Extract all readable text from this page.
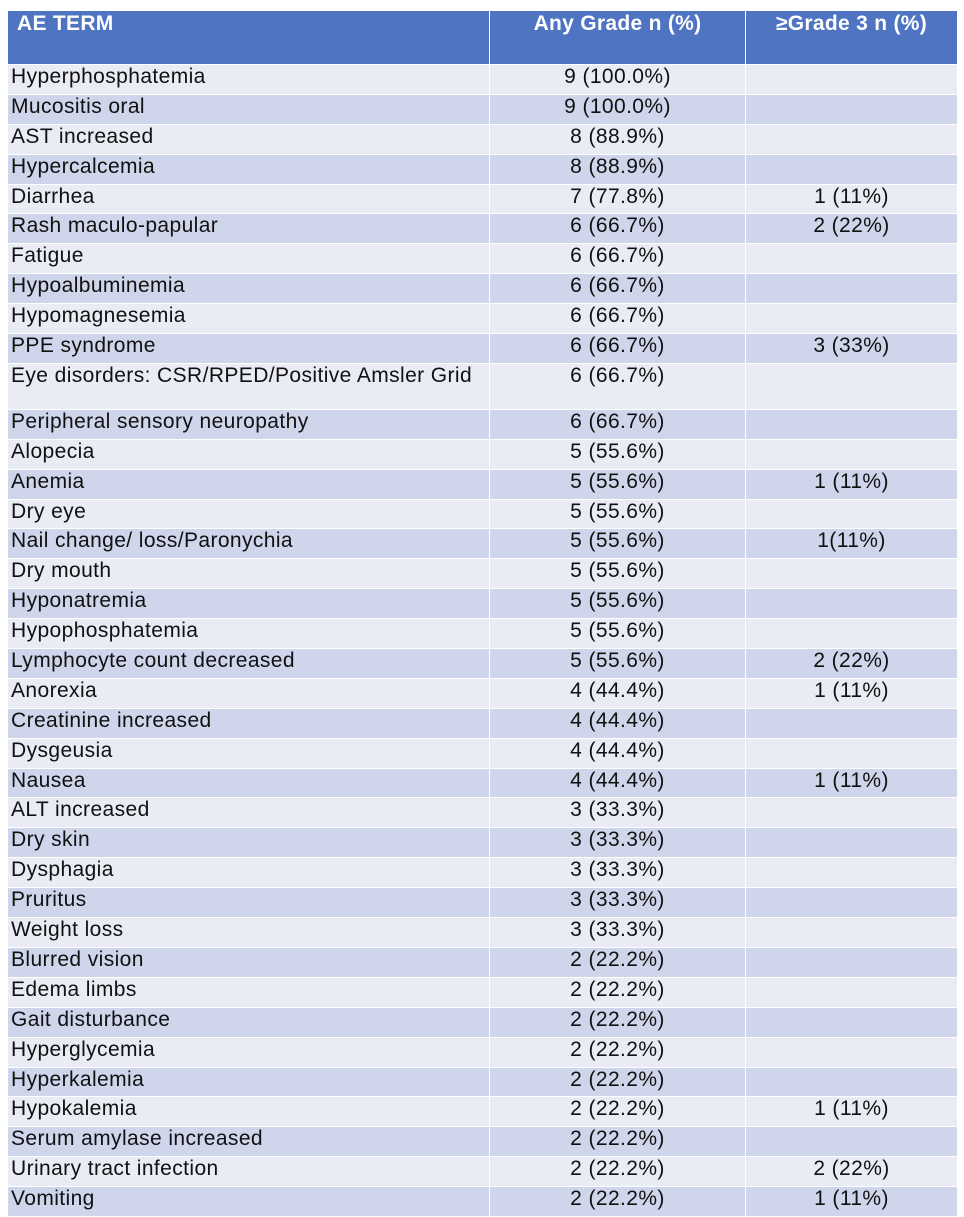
AE TERM	Any Grade n (%)	≥Grade 3 n (%)
Hyperphosphatemia	9 (100.0%)	
Mucositis oral	9 (100.0%)	
AST increased	8 (88.9%)	
Hypercalcemia	8 (88.9%)	
Diarrhea	7 (77.8%)	1 (11%)
Rash maculo-papular	6 (66.7%)	2 (22%)
Fatigue	6 (66.7%)	
Hypoalbuminemia	6 (66.7%)	
Hypomagnesemia	6 (66.7%)	
PPE syndrome	6 (66.7%)	3 (33%)
Eye disorders: CSR/RPED/Positive Amsler Grid	6 (66.7%)	
Peripheral sensory neuropathy	6 (66.7%)	
Alopecia	5 (55.6%)	
Anemia	5 (55.6%)	1 (11%)
Dry eye	5 (55.6%)	
Nail change/ loss/Paronychia	5 (55.6%)	1(11%)
Dry mouth	5 (55.6%)	
Hyponatremia	5 (55.6%)	
Hypophosphatemia	5 (55.6%)	
Lymphocyte count decreased	5 (55.6%)	2 (22%)
Anorexia	4 (44.4%)	1 (11%)
Creatinine increased	4 (44.4%)	
Dysgeusia	4 (44.4%)	
Nausea	4 (44.4%)	1 (11%)
ALT increased	3 (33.3%)	
Dry skin	3 (33.3%)	
Dysphagia	3 (33.3%)	
Pruritus	3 (33.3%)	
Weight loss	3 (33.3%)	
Blurred vision	2 (22.2%)	
Edema limbs	2 (22.2%)	
Gait disturbance	2 (22.2%)	
Hyperglycemia	2 (22.2%)	
Hyperkalemia	2 (22.2%)	
Hypokalemia	2 (22.2%)	1 (11%)
Serum amylase increased	2 (22.2%)	
Urinary tract infection	2 (22.2%)	2 (22%)
Vomiting	2 (22.2%)	1 (11%)
